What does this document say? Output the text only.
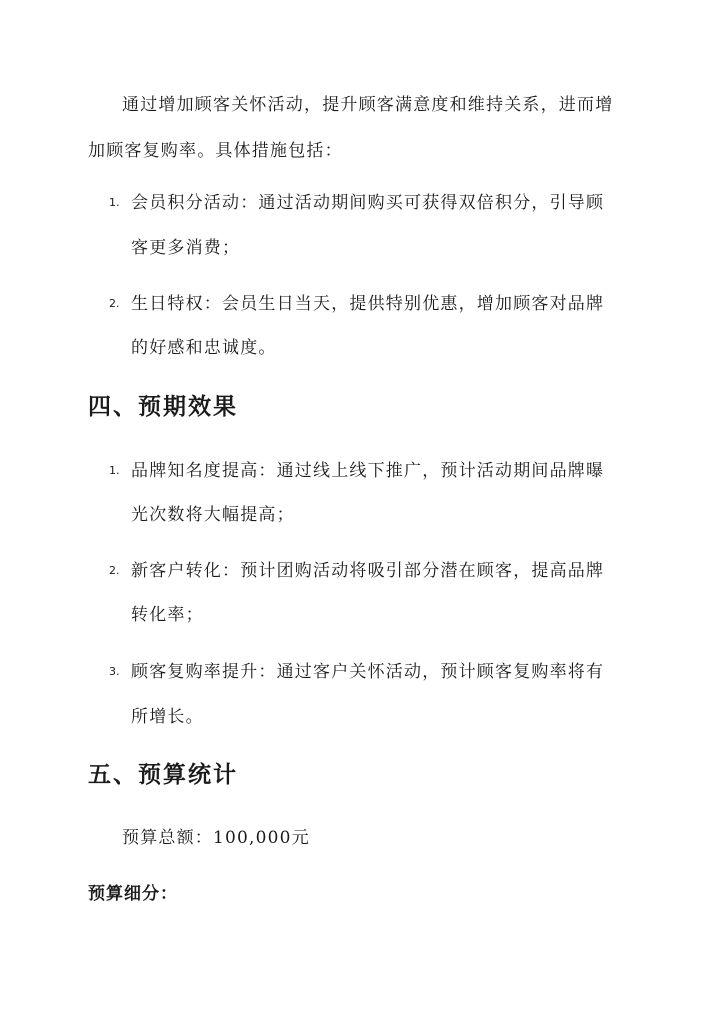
通过增加顾客关怀活动，提升顾客满意度和维持关系，进而增
加顾客复购率。具体措施包括：
1. 会员积分活动：通过活动期间购买可获得双倍积分，引导顾
客更多消费；
2. 生日特权：会员生日当天，提供特别优惠，增加顾客对品牌
的好感和忠诚度。
四、预期效果
1. 品牌知名度提高：通过线上线下推广，预计活动期间品牌曝
光次数将大幅提高；
2. 新客户转化：预计团购活动将吸引部分潜在顾客，提高品牌
转化率；
3. 顾客复购率提升：通过客户关怀活动，预计顾客复购率将有
所增长。
五、预算统计
预算总额：100,000元
预算细分：
